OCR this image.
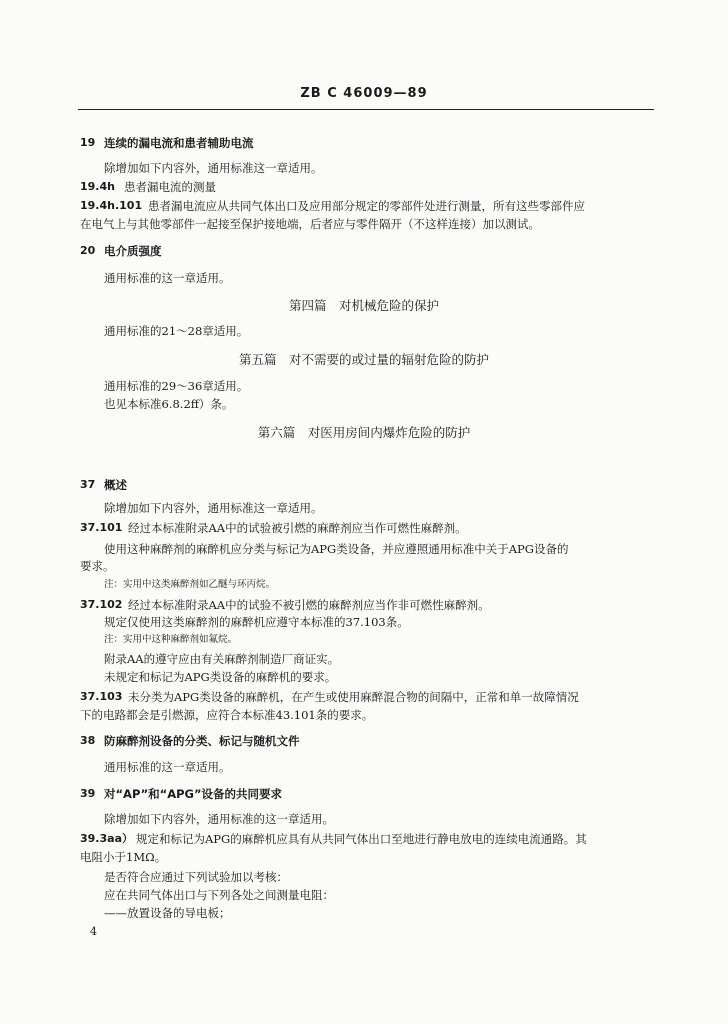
ZB C 46009—89
19 连续的漏电流和患者辅助电流
除增加如下内容外，通用标准这一章适用。
19.4h 患者漏电流的测量
19.4h.101 患者漏电流应从共同气体出口及应用部分规定的零部件处进行测量，所有这些零部件应
在电气上与其他零部件一起接至保护接地端，后者应与零件隔开（不这样连接）加以测试。
20 电介质强度
通用标准的这一章适用。
第四篇　对机械危险的保护
通用标准的21～28章适用。
第五篇　对不需要的或过量的辐射危险的防护
通用标准的29～36章适用。
也见本标准6.8.2ff）条。
第六篇　对医用房间内爆炸危险的防护
37 概述
除增加如下内容外，通用标准这一章适用。
37.101 经过本标准附录AA中的试验被引燃的麻醉剂应当作可燃性麻醉剂。
使用这种麻醉剂的麻醉机应分类与标记为APG类设备，并应遵照通用标准中关于APG设备的
要求。
注：实用中这类麻醉剂如乙醚与环丙烷。
37.102 经过本标准附录AA中的试验不被引燃的麻醉剂应当作非可燃性麻醉剂。
规定仅使用这类麻醉剂的麻醉机应遵守本标准的37.103条。
注：实用中这种麻醉剂如氟烷。
附录AA的遵守应由有关麻醉剂制造厂商证实。
未规定和标记为APG类设备的麻醉机的要求。
37.103 未分类为APG类设备的麻醉机，在产生或使用麻醉混合物的间隔中，正常和单一故障情况
下的电路都会是引燃源，应符合本标准43.101条的要求。
38 防麻醉剂设备的分类、标记与随机文件
通用标准的这一章适用。
39 对“AP”和“APG”设备的共同要求
除增加如下内容外，通用标准的这一章适用。
39.3aa） 规定和标记为APG的麻醉机应具有从共同气体出口至地进行静电放电的连续电流通路。其
电阻小于1MΩ。
是否符合应通过下列试验加以考核：
应在共同气体出口与下列各处之间测量电阻：
——放置设备的导电板；
4
